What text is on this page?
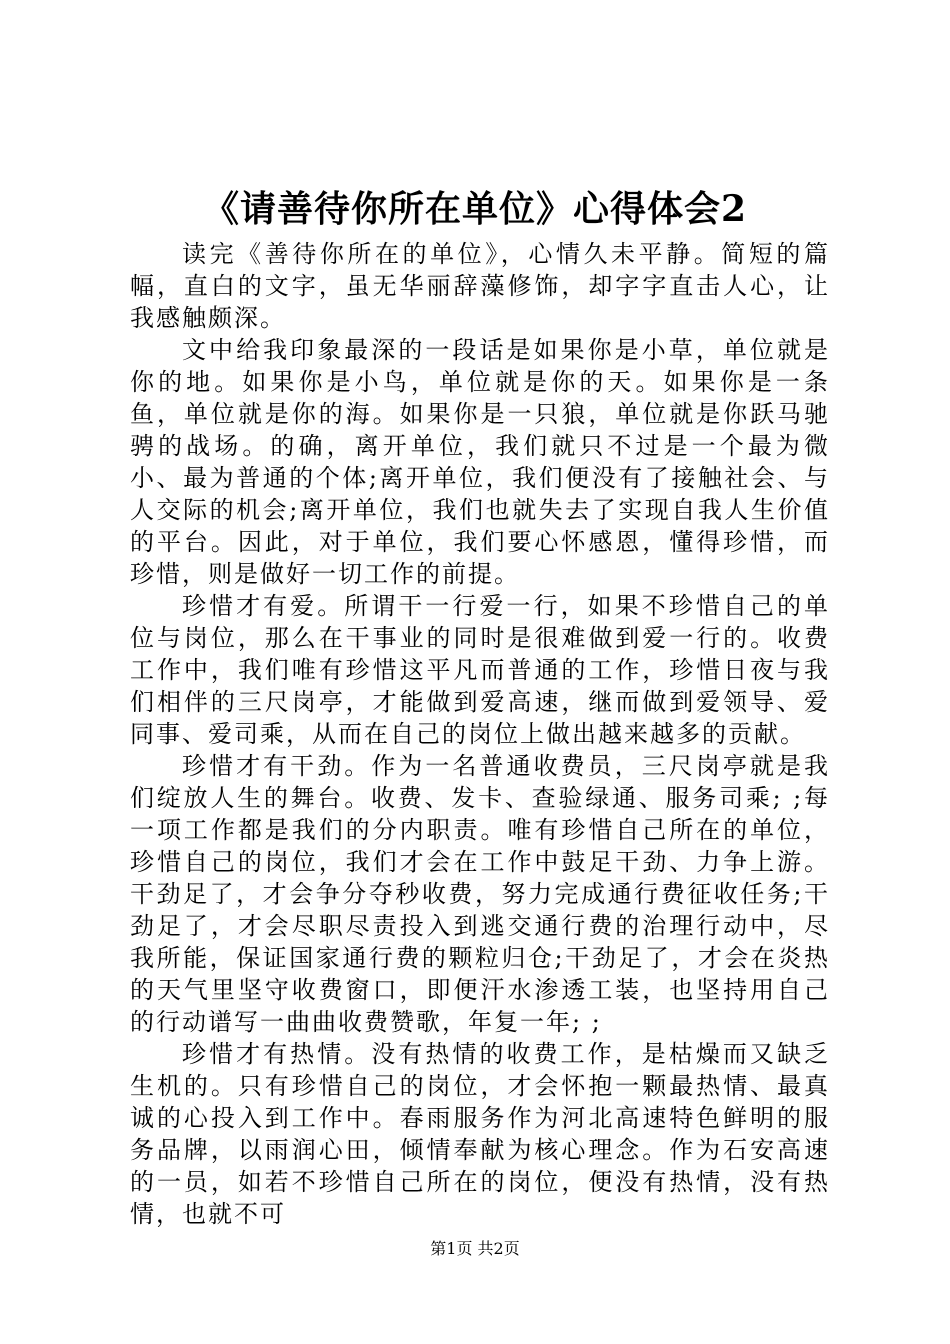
《请善待你所在单位》心得体会2

读完《善待你所在的单位》，心情久未平静。简短的篇幅，直白的文字，虽无华丽辞藻修饰，却字字直击人心，让我感触颇深。

文中给我印象最深的一段话是如果你是小草，单位就是你的地。如果你是小鸟，单位就是你的天。如果你是一条鱼，单位就是你的海。如果你是一只狼，单位就是你跃马驰骋的战场。的确，离开单位，我们就只不过是一个最为微小、最为普通的个体;离开单位，我们便没有了接触社会、与人交际的机会;离开单位，我们也就失去了实现自我人生价值的平台。因此，对于单位，我们要心怀感恩，懂得珍惜，而珍惜，则是做好一切工作的前提。

珍惜才有爱。所谓干一行爱一行，如果不珍惜自己的单位与岗位，那么在干事业的同时是很难做到爱一行的。收费工作中，我们唯有珍惜这平凡而普通的工作，珍惜日夜与我们相伴的三尺岗亭，才能做到爱高速，继而做到爱领导、爱同事、爱司乘，从而在自己的岗位上做出越来越多的贡献。

珍惜才有干劲。作为一名普通收费员，三尺岗亭就是我们绽放人生的舞台。收费、发卡、查验绿通、服务司乘; ;每一项工作都是我们的分内职责。唯有珍惜自己所在的单位，珍惜自己的岗位，我们才会在工作中鼓足干劲、力争上游。干劲足了，才会争分夺秒收费，努力完成通行费征收任务;干劲足了，才会尽职尽责投入到逃交通行费的治理行动中，尽我所能，保证国家通行费的颗粒归仓;干劲足了，才会在炎热的天气里坚守收费窗口，即便汗水渗透工装，也坚持用自己的行动谱写一曲曲收费赞歌，年复一年; ;

珍惜才有热情。没有热情的收费工作，是枯燥而又缺乏生机的。只有珍惜自己的岗位，才会怀抱一颗最热情、最真诚的心投入到工作中。春雨服务作为河北高速特色鲜明的服务品牌，以雨润心田，倾情奉献为核心理念。作为石安高速的一员，如若不珍惜自己所在的岗位，便没有热情，没有热情，也就不可

第1页 共2页
